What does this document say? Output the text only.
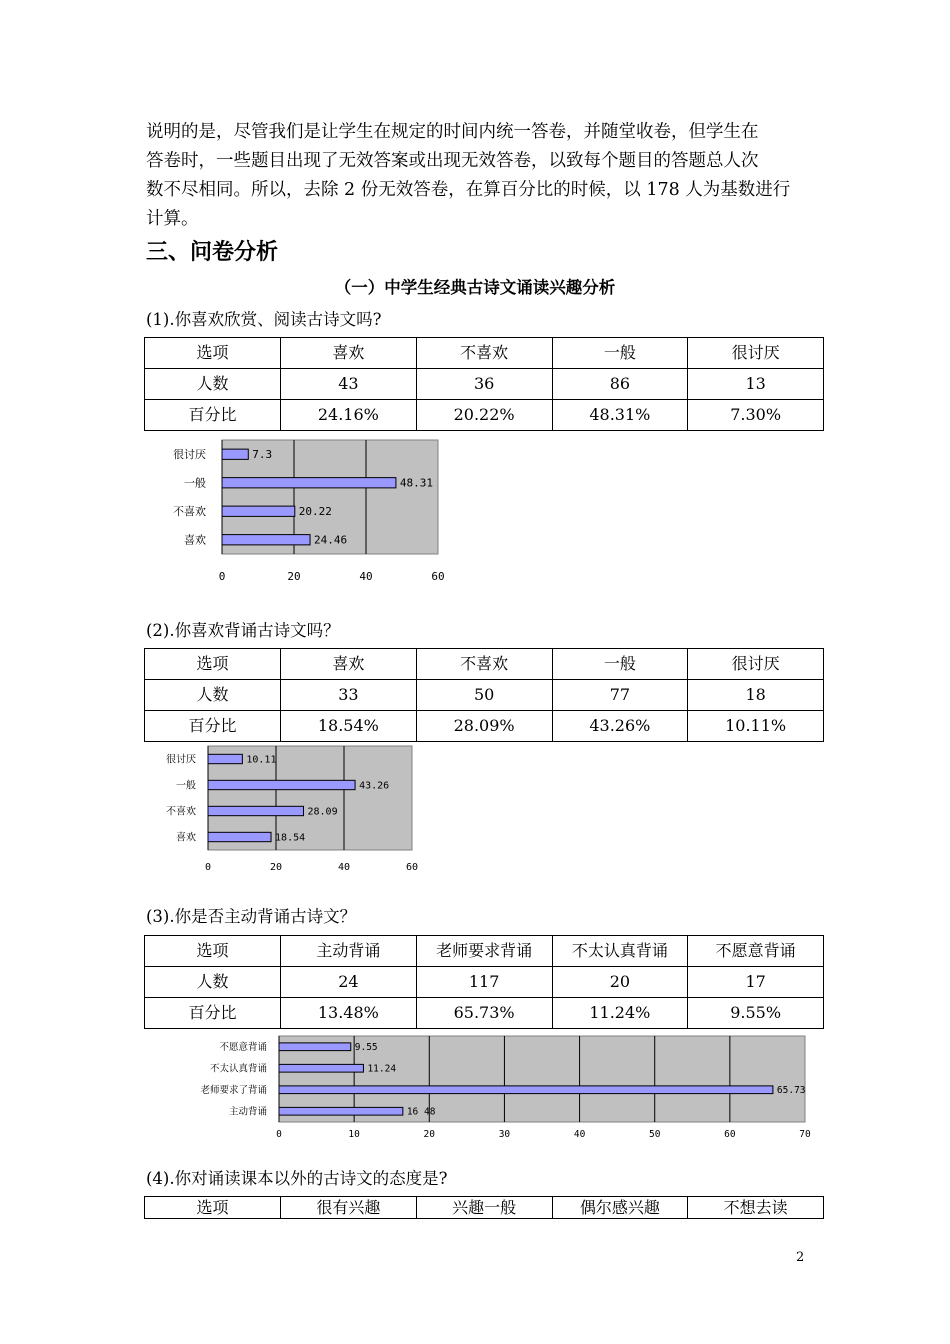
说明的是，尽管我们是让学生在规定的时间内统一答卷，并随堂收卷，但学生在
答卷时，一些题目出现了无效答案或出现无效答卷，以致每个题目的答题总人次
数不尽相同。所以，去除 2 份无效答卷，在算百分比的时候，以 178 人为基数进行
计算。
三、问卷分析
（一）中学生经典古诗文诵读兴趣分析
(1).你喜欢欣赏、阅读古诗文吗?
选项	喜欢	不喜欢	一般	很讨厌
人数	43	36	86	13
百分比	24.16%	20.22%	48.31%	7.30%
0	20	40	60
很讨厌	7.3
一般	48.31
不喜欢	20.22
喜欢	24.46
(2).你喜欢背诵古诗文吗？
选项	喜欢	不喜欢	一般	很讨厌
人数	33	50	77	18
百分比	18.54%	28.09%	43.26%	10.11%
0	20	40	60
很讨厌	10.11
一般	43.26
不喜欢	28.09
喜欢	18.54
(3).你是否主动背诵古诗文？
选项	主动背诵	老师要求背诵	不太认真背诵	不愿意背诵
人数	24	117	20	17
百分比	13.48%	65.73%	11.24%	9.55%
0	10	20	30	40	50	60	70
不愿意背诵	9.55
不太认真背诵	11.24
老师要求了背诵	65.73
主动背诵	16 48
(4).你对诵读课本以外的古诗文的态度是?
选项	很有兴趣	兴趣一般	偶尔感兴趣	不想去读
2
